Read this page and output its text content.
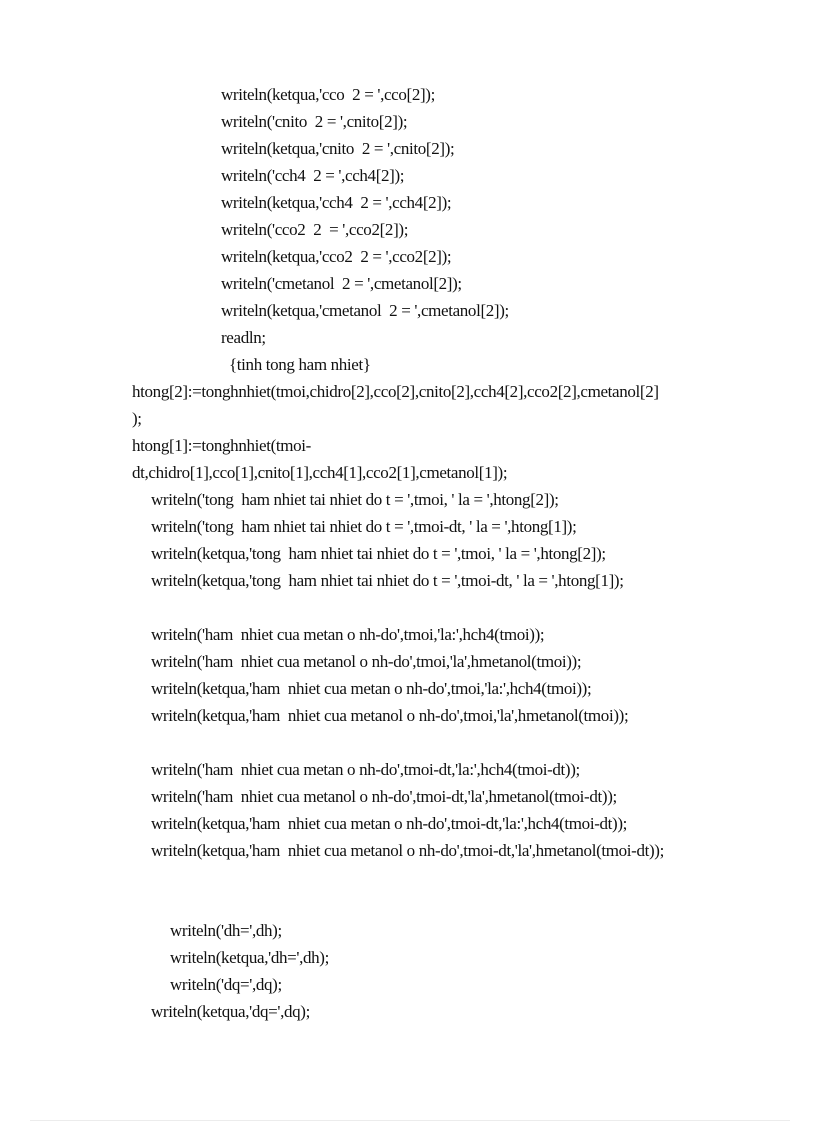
writeln(ketqua,'cco  2 = ',cco[2]);
writeln('cnito  2 = ',cnito[2]);
writeln(ketqua,'cnito  2 = ',cnito[2]);
writeln('cch4  2 = ',cch4[2]);
writeln(ketqua,'cch4  2 = ',cch4[2]);
writeln('cco2  2  = ',cco2[2]);
writeln(ketqua,'cco2  2 = ',cco2[2]);
writeln('cmetanol  2 = ',cmetanol[2]);
writeln(ketqua,'cmetanol  2 = ',cmetanol[2]);
readln;
{tinh tong ham nhiet}
htong[2]:=tonghnhiet(tmoi,chidro[2],cco[2],cnito[2],cch4[2],cco2[2],cmetanol[2]
);
htong[1]:=tonghnhiet(tmoi-
dt,chidro[1],cco[1],cnito[1],cch4[1],cco2[1],cmetanol[1]);
writeln('tong  ham nhiet tai nhiet do t = ',tmoi, ' la = ',htong[2]);
writeln('tong  ham nhiet tai nhiet do t = ',tmoi-dt, ' la = ',htong[1]);
writeln(ketqua,'tong  ham nhiet tai nhiet do t = ',tmoi, ' la = ',htong[2]);
writeln(ketqua,'tong  ham nhiet tai nhiet do t = ',tmoi-dt, ' la = ',htong[1]);
writeln('ham  nhiet cua metan o nh-do',tmoi,'la:',hch4(tmoi));
writeln('ham  nhiet cua metanol o nh-do',tmoi,'la',hmetanol(tmoi));
writeln(ketqua,'ham  nhiet cua metan o nh-do',tmoi,'la:',hch4(tmoi));
writeln(ketqua,'ham  nhiet cua metanol o nh-do',tmoi,'la',hmetanol(tmoi));
writeln('ham  nhiet cua metan o nh-do',tmoi-dt,'la:',hch4(tmoi-dt));
writeln('ham  nhiet cua metanol o nh-do',tmoi-dt,'la',hmetanol(tmoi-dt));
writeln(ketqua,'ham  nhiet cua metan o nh-do',tmoi-dt,'la:',hch4(tmoi-dt));
writeln(ketqua,'ham  nhiet cua metanol o nh-do',tmoi-dt,'la',hmetanol(tmoi-dt));
writeln('dh=',dh);
writeln(ketqua,'dh=',dh);
writeln('dq=',dq);
writeln(ketqua,'dq=',dq);
